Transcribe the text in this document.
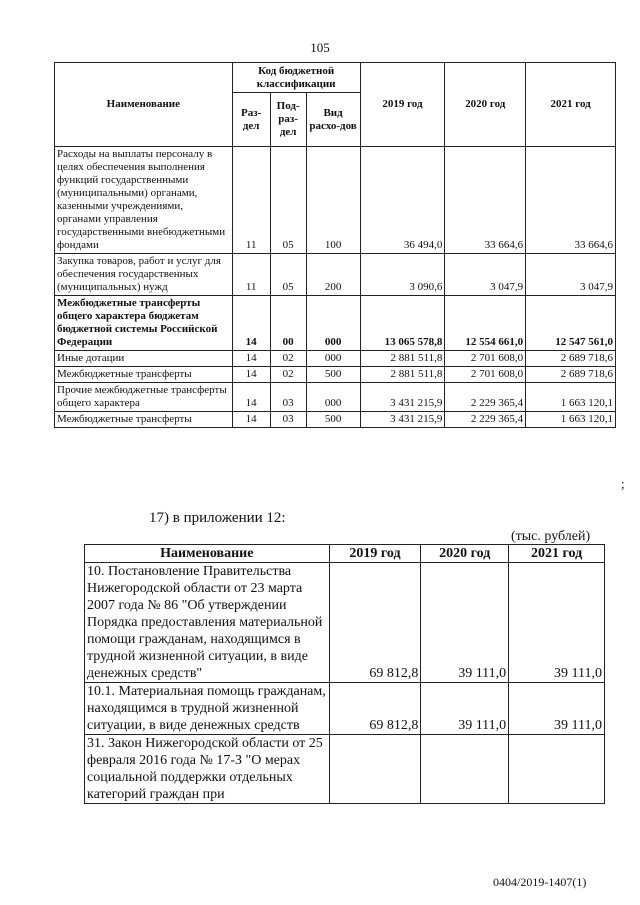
105
Наименование	Код бюджетной классификации			2019 год	2020 год	2021 год
	Раз-дел	Под-раз-дел	Вид расхо-дов			
Расходы на выплаты персоналу в целях обеспечения выполнения функций государственными (муниципальными) органами, казенными учреждениями, органами управления государственными внебюджетными фондами	11	05	100	36 494,0	33 664,6	33 664,6
Закупка товаров, работ и услуг для обеспечения государственных (муниципальных) нужд	11	05	200	3 090,6	3 047,9	3 047,9
Межбюджетные трансферты общего характера бюджетам бюджетной системы Российской Федерации	14	00	000	13 065 578,8	12 554 661,0	12 547 561,0
Иные дотации	14	02	000	2 881 511,8	2 701 608,0	2 689 718,6
Межбюджетные трансферты	14	02	500	2 881 511,8	2 701 608,0	2 689 718,6
Прочие межбюджетные трансферты общего характера	14	03	000	3 431 215,9	2 229 365,4	1 663 120,1
Межбюджетные трансферты	14	03	500	3 431 215,9	2 229 365,4	1 663 120,1
;
17) в приложении 12:
(тыс. рублей)
Наименование	2019 год	2020 год	2021 год
10. Постановление Правительства Нижегородской области от 23 марта 2007 года № 86 "Об утверждении Порядка предоставления материальной помощи гражданам, находящимся в трудной жизненной ситуации, в виде денежных средств"	69 812,8	39 111,0	39 111,0
10.1. Материальная помощь гражданам, находящимся в трудной жизненной ситуации, в виде денежных средств	69 812,8	39 111,0	39 111,0
31. Закон Нижегородской области от 25 февраля 2016 года № 17-З "О мерах социальной поддержки отдельных категорий граждан при			
0404/2019-1407(1)
